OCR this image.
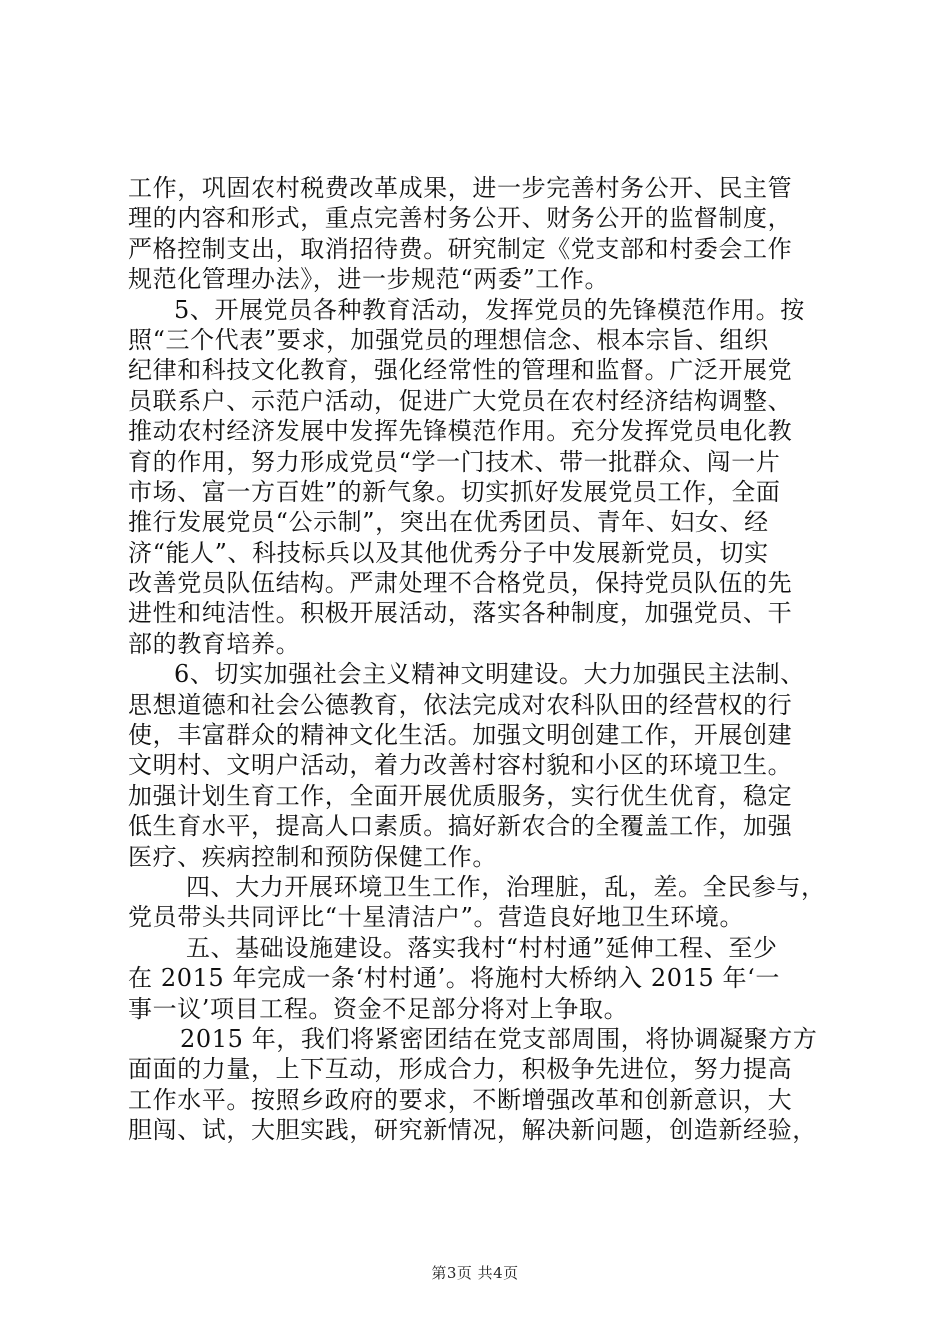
工作，巩固农村税费改革成果，进一步完善村务公开、民主管
理的内容和形式，重点完善村务公开、财务公开的监督制度，
严格控制支出，取消招待费。研究制定《党支部和村委会工作
规范化管理办法》，进一步规范“两委”工作。
5、开展党员各种教育活动，发挥党员的先锋模范作用。按
照“三个代表”要求，加强党员的理想信念、根本宗旨、组织
纪律和科技文化教育，强化经常性的管理和监督。广泛开展党
员联系户、示范户活动，促进广大党员在农村经济结构调整、
推动农村经济发展中发挥先锋模范作用。充分发挥党员电化教
育的作用，努力形成党员“学一门技术、带一批群众、闯一片
市场、富一方百姓”的新气象。切实抓好发展党员工作，全面
推行发展党员“公示制”，突出在优秀团员、青年、妇女、经
济“能人”、科技标兵以及其他优秀分子中发展新党员，切实
改善党员队伍结构。严肃处理不合格党员，保持党员队伍的先
进性和纯洁性。积极开展活动，落实各种制度，加强党员、干
部的教育培养。
6、切实加强社会主义精神文明建设。大力加强民主法制、
思想道德和社会公德教育，依法完成对农科队田的经营权的行
使，丰富群众的精神文化生活。加强文明创建工作，开展创建
文明村、文明户活动，着力改善村容村貌和小区的环境卫生。
加强计划生育工作，全面开展优质服务，实行优生优育，稳定
低生育水平，提高人口素质。搞好新农合的全覆盖工作，加强
医疗、疾病控制和预防保健工作。
四、大力开展环境卫生工作，治理脏，乱，差。全民参与，
党员带头共同评比“十星清洁户”。营造良好地卫生环境。
五、基础设施建设。落实我村“村村通”延伸工程、至少
在 2015 年完成一条‘村村通’。将施村大桥纳入 2015 年‘一
事一议’项目工程。资金不足部分将对上争取。
2015 年，我们将紧密团结在党支部周围，将协调凝聚方方
面面的力量，上下互动，形成合力，积极争先进位，努力提高
工作水平。按照乡政府的要求，不断增强改革和创新意识，大
胆闯、试，大胆实践，研究新情况，解决新问题，创造新经验，
第3页 共4页
